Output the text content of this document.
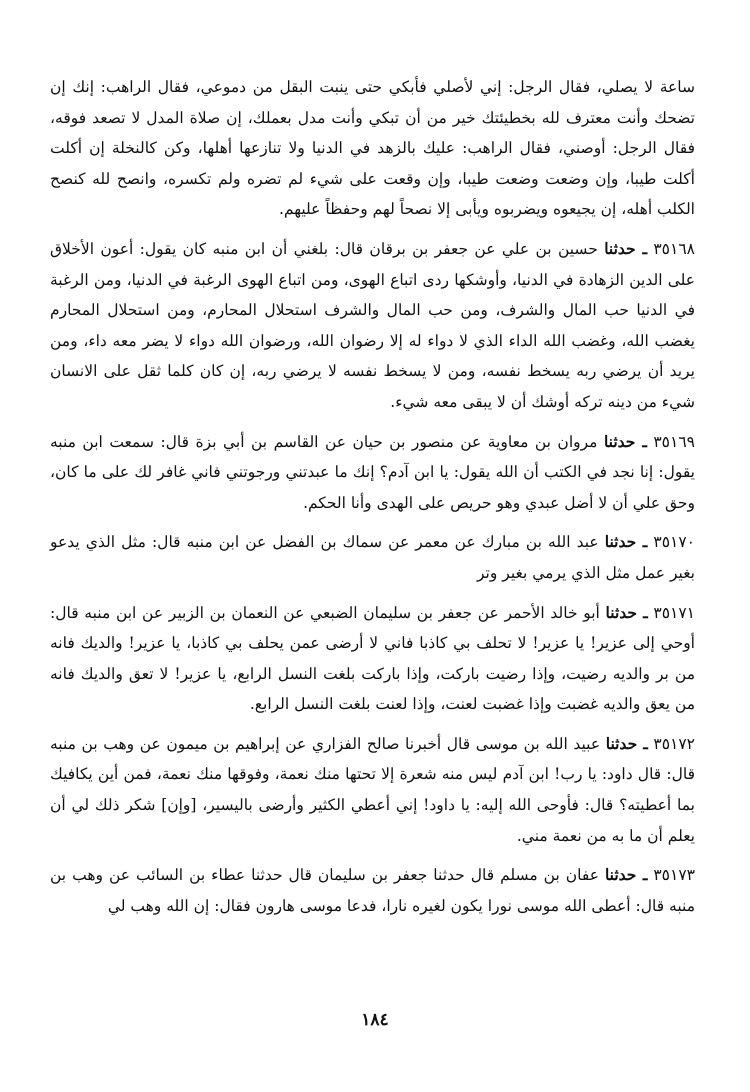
ساعة لا يصلي، فقال الرجل: إني لأصلي فأبكي حتى ينبت البقل من دموعي، فقال الراهب: إنك إن تضحك وأنت معترف لله بخطيئتك خير من أن تبكي وأنت مدل بعملك، إن صلاة المدل لا تصعد فوقه، فقال الرجل: أوصني، فقال الراهب: عليك بالزهد في الدنيا ولا تنازعها أهلها، وكن كالنخلة إن أكلت أكلت طيبا، وإن وضعت وضعت طيبا، وإن وقعت على شيء لم تضره ولم تكسره، وانصح لله كنصح الكلب أهله، إن يجيعوه ويضربوه ويأبى إلا نصحاً لهم وحفظاً عليهم.

٣٥١٦٨ ـ حدثنا حسين بن علي عن جعفر بن برقان قال: بلغني أن ابن منبه كان يقول: أعون الأخلاق على الدين الزهادة في الدنيا، وأوشكها ردى اتباع الهوى، ومن اتباع الهوى الرغبة في الدنيا، ومن الرغبة في الدنيا حب المال والشرف، ومن حب المال والشرف استحلال المحارم، ومن استحلال المحارم يغضب الله، وغضب الله الداء الذي لا دواء له إلا رضوان الله، ورضوان الله دواء لا يضر معه داء، ومن يريد أن يرضي ربه يسخط نفسه، ومن لا يسخط نفسه لا يرضي ربه، إن كان كلما ثقل على الانسان شيء من دينه تركه أوشك أن لا يبقى معه شيء.

٣٥١٦٩ ـ حدثنا مروان بن معاوية عن منصور بن حيان عن القاسم بن أبي بزة قال: سمعت ابن منبه يقول: إنا نجد في الكتب أن الله يقول: يا ابن آدم؟ إنك ما عبدتني ورجوتني فاني غافر لك على ما كان، وحق علي أن لا أضل عبدي وهو حريص على الهدى وأنا الحكم.

٣٥١٧٠ ـ حدثنا عبد الله بن مبارك عن معمر عن سماك بن الفضل عن ابن منبه قال: مثل الذي يدعو بغير عمل مثل الذي يرمي بغير وتر

٣٥١٧١ ـ حدثنا أبو خالد الأحمر عن جعفر بن سليمان الضبعي عن النعمان بن الزبير عن ابن منبه قال: أوحي إلى عزير! يا عزير! لا تحلف بي كاذبا فاني لا أرضى عمن يحلف بي كاذبا، يا عزير! والديك فانه من بر والديه رضيت، وإذا رضيت باركت، وإذا باركت بلغت النسل الرابع، يا عزير! لا تعق والديك فانه من يعق والديه غضبت وإذا غضبت لعنت، وإذا لعنت بلغت النسل الرابع.

٣٥١٧٢ ـ حدثنا عبيد الله بن موسى قال أخبرنا صالح الفزاري عن إبراهيم بن ميمون عن وهب بن منبه قال: قال داود: يا رب! ابن آدم ليس منه شعرة إلا تحتها منك نعمة، وفوقها منك نعمة، فمن أين يكافيك بما أعطيته؟ قال: فأوحى الله إليه: يا داود! إني أعطي الكثير وأرضى باليسير، [وإن] شكر ذلك لي أن يعلم أن ما به من نعمة مني.

٣٥١٧٣ ـ حدثنا عفان بن مسلم قال حدثنا جعفر بن سليمان قال حدثنا عطاء بن السائب عن وهب بن منبه قال: أعطى الله موسى نورا يكون لغيره نارا، فدعا موسى هارون فقال: إن الله وهب لي

١٨٤
